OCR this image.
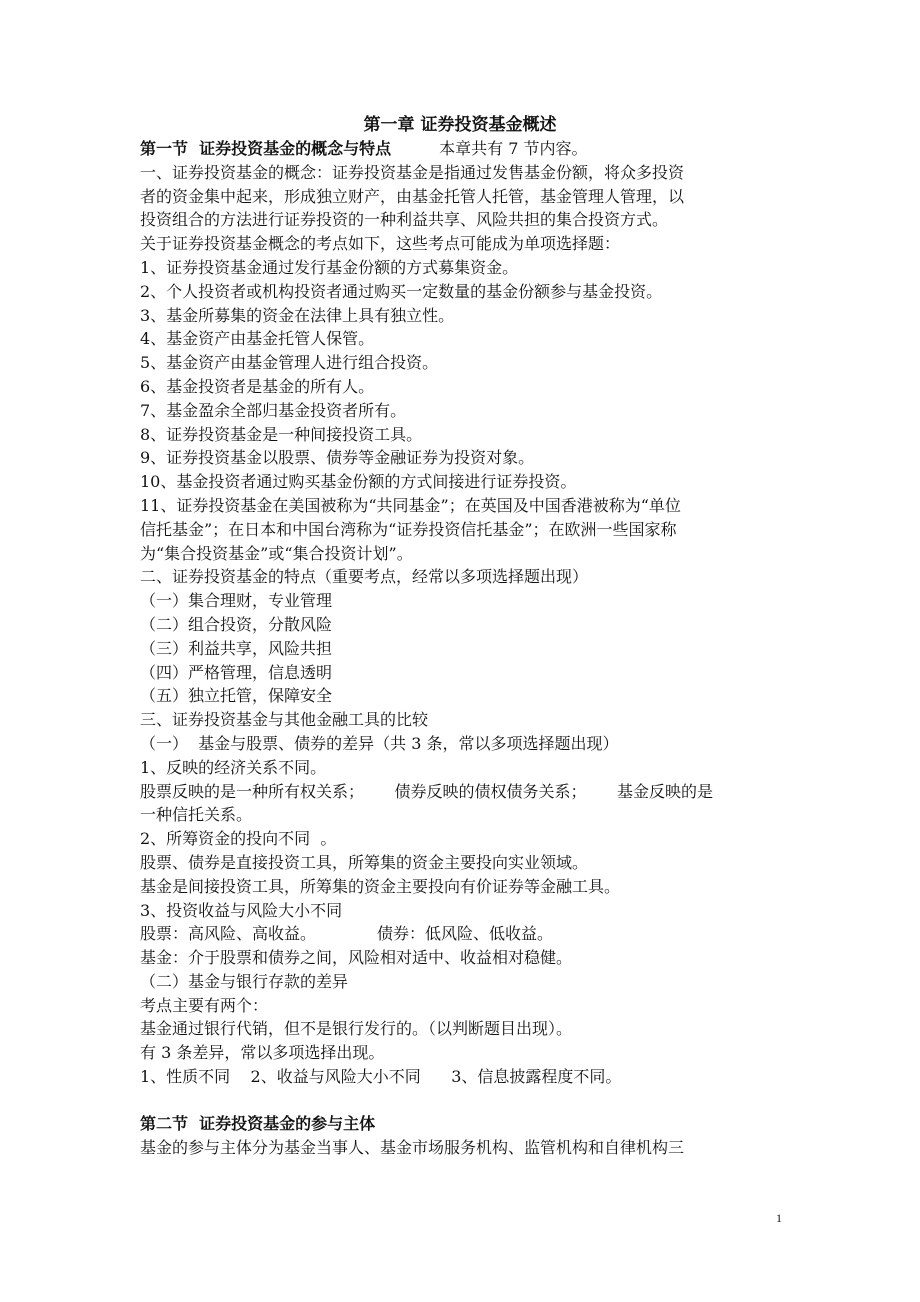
第一章 证券投资基金概述

第一节  证券投资基金的概念与特点	本章共有 7 节内容。

一、证券投资基金的概念：证券投资基金是指通过发售基金份额，将众多投资

者的资金集中起来，形成独立财产，由基金托管人托管，基金管理人管理，以

投资组合的方法进行证券投资的一种利益共享、风险共担的集合投资方式。

关于证券投资基金概念的考点如下，这些考点可能成为单项选择题：

1、证券投资基金通过发行基金份额的方式募集资金。

2、个人投资者或机构投资者通过购买一定数量的基金份额参与基金投资。

3、基金所募集的资金在法律上具有独立性。

4、基金资产由基金托管人保管。

5、基金资产由基金管理人进行组合投资。

6、基金投资者是基金的所有人。

7、基金盈余全部归基金投资者所有。

8、证券投资基金是一种间接投资工具。

9、证券投资基金以股票、债券等金融证券为投资对象。

10、基金投资者通过购买基金份额的方式间接进行证券投资。

11、证券投资基金在美国被称为“共同基金”；在英国及中国香港被称为“单位

信托基金”；在日本和中国台湾称为“证券投资信托基金”；在欧洲一些国家称

为“集合投资基金”或“集合投资计划”。

二、证券投资基金的特点（重要考点，经常以多项选择题出现）

（一）集合理财，专业管理

（二）组合投资，分散风险

（三）利益共享，风险共担

（四）严格管理，信息透明

（五）独立托管，保障安全

三、证券投资基金与其他金融工具的比较

（一）  基金与股票、债券的差异（共 3 条，常以多项选择题出现）

1、反映的经济关系不同。

股票反映的是一种所有权关系；      债券反映的债权债务关系；      基金反映的是

一种信托关系。

2、所筹资金的投向不同  。

股票、债券是直接投资工具，所筹集的资金主要投向实业领域。

基金是间接投资工具，所筹集的资金主要投向有价证券等金融工具。

3、投资收益与风险大小不同

股票：高风险、高收益。            债券：低风险、低收益。

基金：介于股票和债券之间，风险相对适中、收益相对稳健。

（二）基金与银行存款的差异

考点主要有两个：

基金通过银行代销，但不是银行发行的。（以判断题目出现）。

有 3 条差异，常以多项选择出现。

1、性质不同    2、收益与风险大小不同      3、信息披露程度不同。

第二节  证券投资基金的参与主体

基金的参与主体分为基金当事人、基金市场服务机构、监管机构和自律机构三

1
